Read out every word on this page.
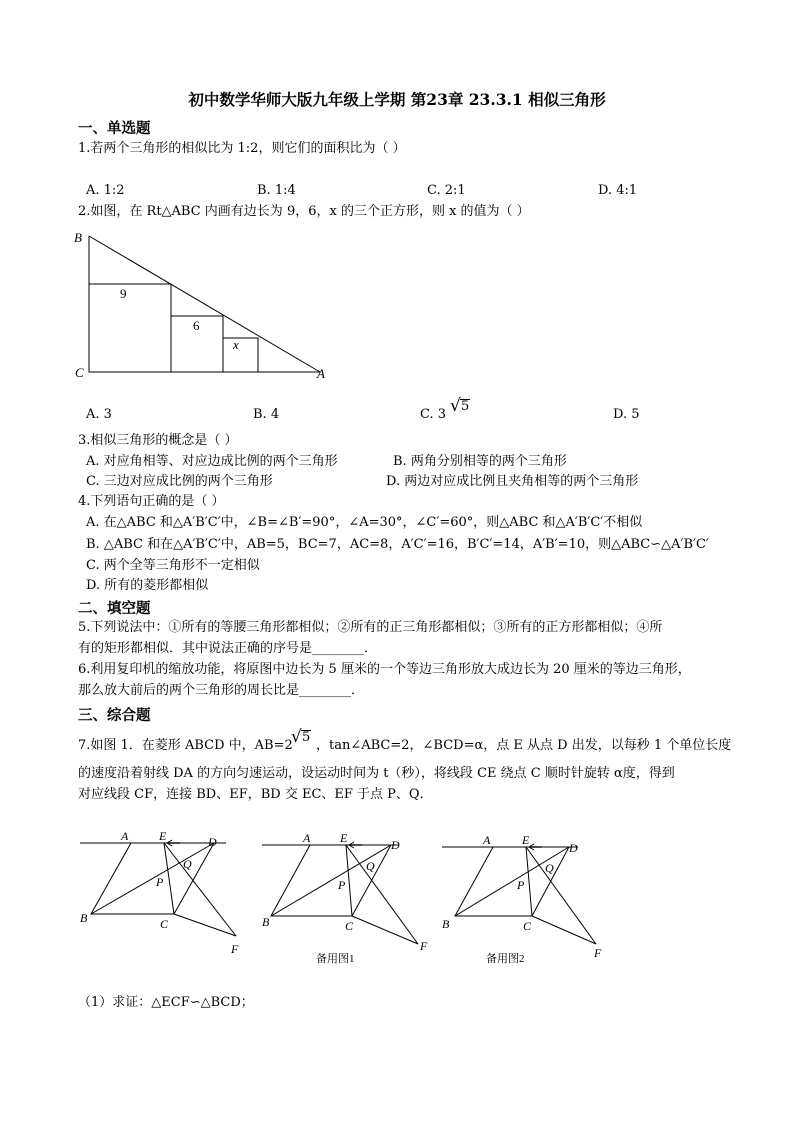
初中数学华师大版九年级上学期 第23章 23.3.1 相似三角形
一、单选题
1.若两个三角形的相似比为 1:2，则它们的面积比为（ ）
A. 1:2	B. 1:4	C. 2:1	D. 4:1
2.如图，在 Rt△ABC 内画有边长为 9，6，x 的三个正方形，则 x 的值为（ ）
B
C	A
9
6
x
A. 3	B. 4	C. 3 √ 5
D. 5
3.相似三角形的概念是（ ）
A. 对应角相等、对应边成比例的两个三角形	B. 两角分别相等的两个三角形
C. 三边对应成比例的两个三角形	D. 两边对应成比例且夹角相等的两个三角形
4.下列语句正确的是（ ）
A. 在△ABC 和△A′B′C′中，∠B=∠B′=90°，∠A=30°，∠C′=60°，则△ABC 和△A′B′C′不相似
B. △ABC 和在△A′B′C′中，AB=5，BC=7，AC=8，A′C′=16，B′C′=14，A′B′=10，则△ABC∽△A′B′C′
C. 两个全等三角形不一定相似
D. 所有的菱形都相似
二、填空题
5.下列说法中：①所有的等腰三角形都相似；②所有的正三角形都相似；③所有的正方形都相似；④所
有的矩形都相似．其中说法正确的序号是________．
6.利用复印机的缩放功能，将原图中边长为 5 厘米的一个等边三角形放大成边长为 20 厘米的等边三角形，
那么放大前后的两个三角形的周长比是________．
三、综合题
7.如图 1．在菱形 ABCD 中，AB=2
√ 5
，tan∠ABC=2，∠BCD=α，点 E 从点 D 出发，以每秒 1 个单位长度
的速度沿着射线 DA 的方向匀速运动，设运动时间为 t（秒），将线段 CE 绕点 C 顺时针旋转 α度，得到
对应线段 CF，连接 BD、EF，BD 交 EC、EF 于点 P、Q．
A	E	D
B	C
F
P
Q
A E	D
B	C
F
P
Q
备用图1
A	E
D
B	C
F
P
Q
备用图2
（1）求证：△ECF∽△BCD；
